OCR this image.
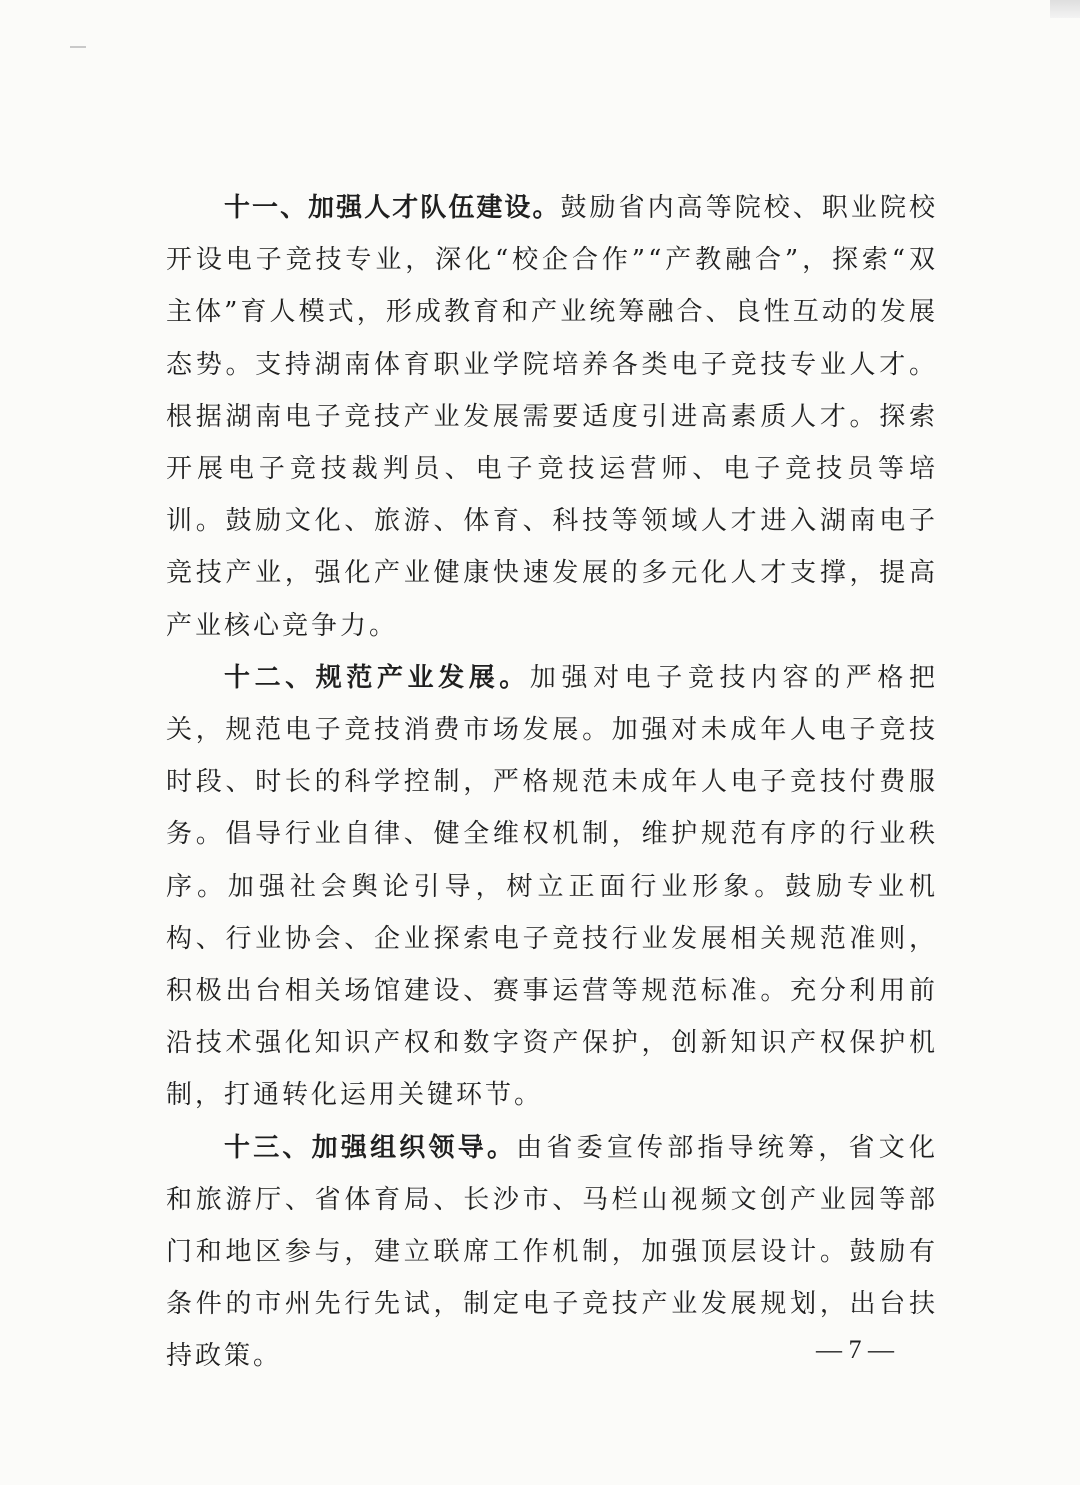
十一、加强人才队伍建设。鼓励省内高等院校、职业院校开设电子竞技专业，深化“校企合作”“产教融合”，探索“双主体”育人模式，形成教育和产业统筹融合、良性互动的发展态势。支持湖南体育职业学院培养各类电子竞技专业人才。根据湖南电子竞技产业发展需要适度引进高素质人才。探索开展电子竞技裁判员、电子竞技运营师、电子竞技员等培训。鼓励文化、旅游、体育、科技等领域人才进入湖南电子竞技产业，强化产业健康快速发展的多元化人才支撑，提高产业核心竞争力。

十二、规范产业发展。加强对电子竞技内容的严格把关，规范电子竞技消费市场发展。加强对未成年人电子竞技时段、时长的科学控制，严格规范未成年人电子竞技付费服务。倡导行业自律、健全维权机制，维护规范有序的行业秩序。加强社会舆论引导，树立正面行业形象。鼓励专业机构、行业协会、企业探索电子竞技行业发展相关规范准则，积极出台相关场馆建设、赛事运营等规范标准。充分利用前沿技术强化知识产权和数字资产保护，创新知识产权保护机制，打通转化运用关键环节。

十三、加强组织领导。由省委宣传部指导统筹，省文化和旅游厅、省体育局、长沙市、马栏山视频文创产业园等部门和地区参与，建立联席工作机制，加强顶层设计。鼓励有条件的市州先行先试，制定电子竞技产业发展规划，出台扶持政策。	— 7 —
